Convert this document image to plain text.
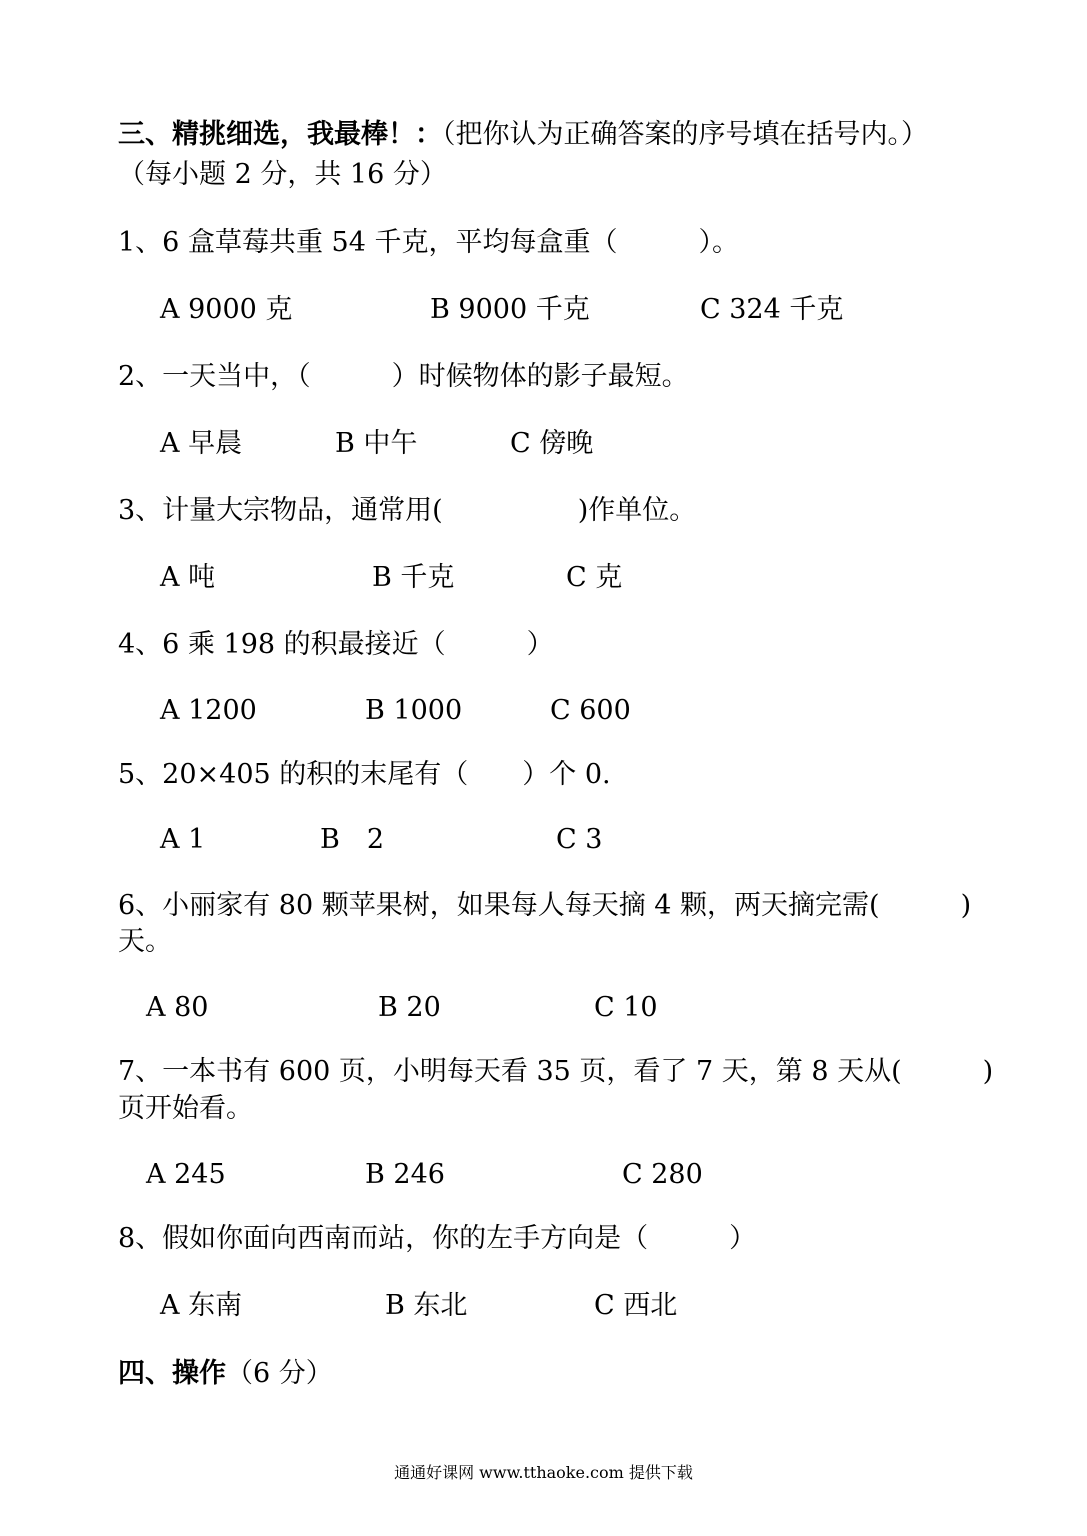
三、精挑细选，我最棒！：（把你认为正确答案的序号填在括号内。）
（每小题 2 分，共 16 分）
1、6 盒草莓共重 54 千克，平均每盒重（　　　）。
A 9000 克	B 9000 千克	C 324 千克
2、一天当中，（　　　）时候物体的影子最短。
A 早晨	B 中午	C 傍晚
3、计量大宗物品，通常用(　　　　　)作单位。
A 吨	B 千克	C 克
4、6 乘 198 的积最接近（　　　）
A 1200	B 1000	C 600
5、20×405 的积的末尾有（　　）个 0.
A 1	B　2	C 3
6、小丽家有 80 颗苹果树，如果每人每天摘 4 颗，两天摘完需(　　　)
天。
A 80	B 20	C 10
7、一本书有 600 页，小明每天看 35 页，看了 7 天，第 8 天从(　　　)
页开始看。
A 245	B 246	C 280
8、假如你面向西南而站，你的左手方向是（　　　）
A 东南	B 东北	C 西北
四、操作（6 分）
通通好课网 www.tthaoke.com 提供下载
